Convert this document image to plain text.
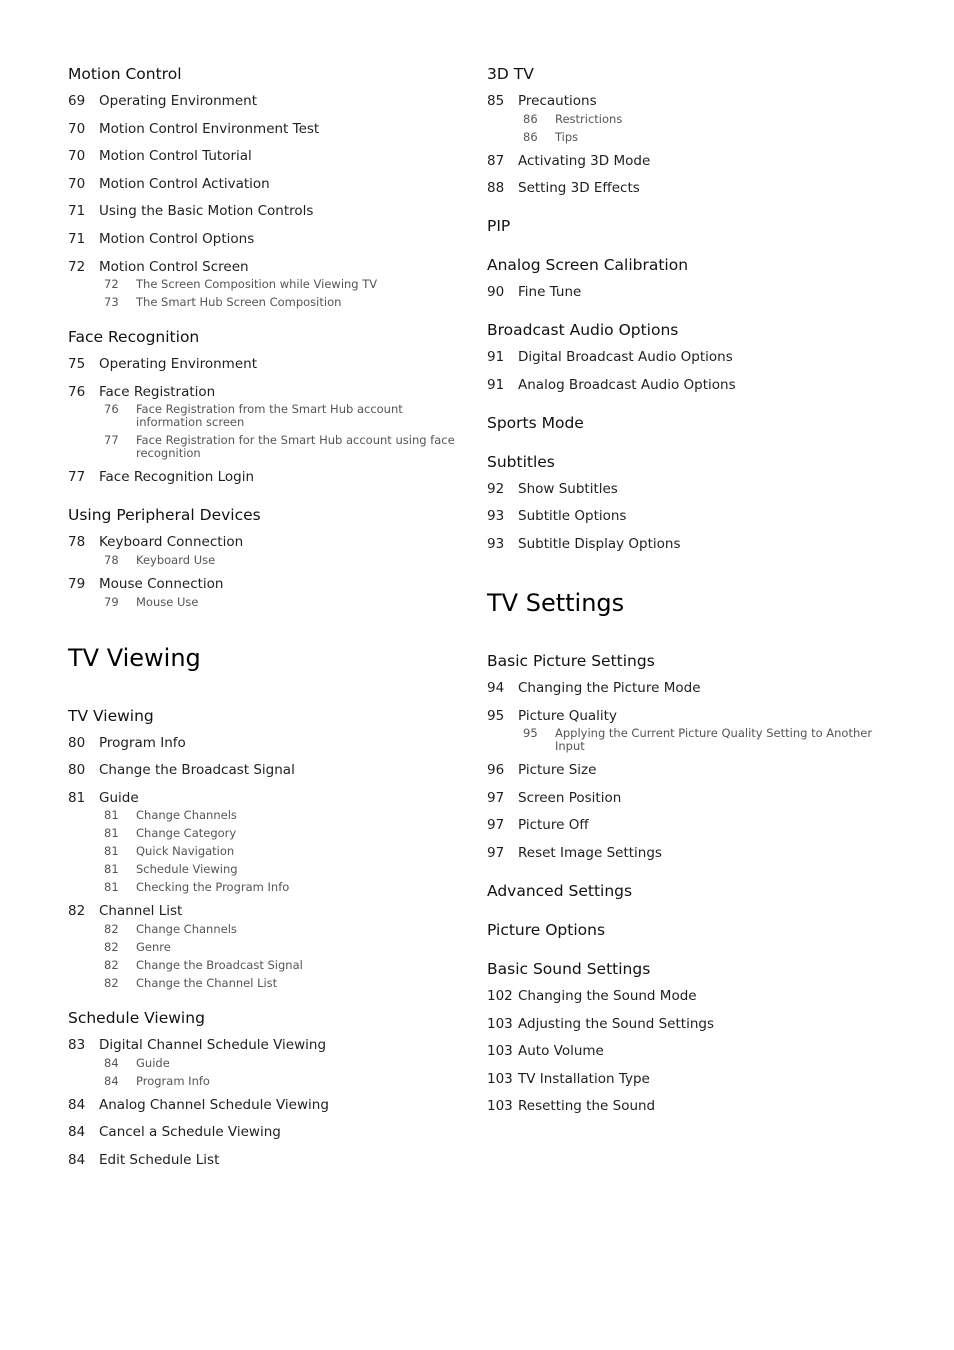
Motion Control
69	Operating Environment
70	Motion Control Environment Test
70	Motion Control Tutorial
70	Motion Control Activation
71	Using the Basic Motion Controls
71	Motion Control Options
72	Motion Control Screen
72	The Screen Composition while Viewing TV
73	The Smart Hub Screen Composition
Face Recognition
75	Operating Environment
76	Face Registration
76	Face Registration from the Smart Hub account information screen
77	Face Registration for the Smart Hub account using face recognition
77	Face Recognition Login
Using Peripheral Devices
78	Keyboard Connection
78	Keyboard Use
79	Mouse Connection
79	Mouse Use
TV Viewing
TV Viewing
80	Program Info
80	Change the Broadcast Signal
81	Guide
81	Change Channels
81	Change Category
81	Quick Navigation
81	Schedule Viewing
81	Checking the Program Info
82	Channel List
82	Change Channels
82	Genre
82	Change the Broadcast Signal
82	Change the Channel List
Schedule Viewing
83	Digital Channel Schedule Viewing
84	Guide
84	Program Info
84	Analog Channel Schedule Viewing
84	Cancel a Schedule Viewing
84	Edit Schedule List
3D TV
85	Precautions
86	Restrictions
86	Tips
87	Activating 3D Mode
88	Setting 3D Effects
PIP
Analog Screen Calibration
90	Fine Tune
Broadcast Audio Options
91	Digital Broadcast Audio Options
91	Analog Broadcast Audio Options
Sports Mode
Subtitles
92	Show Subtitles
93	Subtitle Options
93	Subtitle Display Options
TV Settings
Basic Picture Settings
94	Changing the Picture Mode
95	Picture Quality
95	Applying the Current Picture Quality Setting to Another Input
96	Picture Size
97	Screen Position
97	Picture Off
97	Reset Image Settings
Advanced Settings
Picture Options
Basic Sound Settings
102 Changing the Sound Mode
103 Adjusting the Sound Settings
103 Auto Volume
103 TV Installation Type
103 Resetting the Sound
